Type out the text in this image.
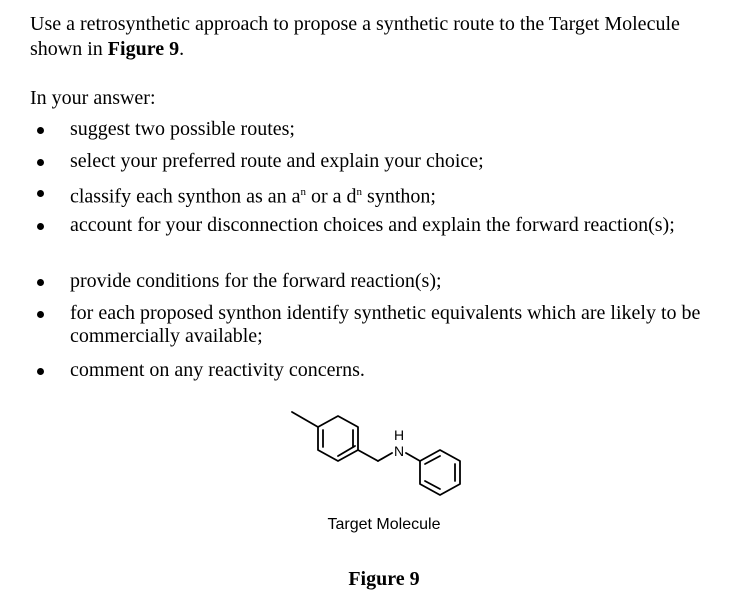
Use a retrosynthetic approach to propose a synthetic route to the Target Molecule shown in Figure 9.

In your answer:

suggest two possible routes;
select your preferred route and explain your choice;
classify each synthon as an $a^n$ or a $d^n$ synthon;
account for your disconnection choices and explain the forward reaction(s);
provide conditions for the forward reaction(s);
for each proposed synthon identify synthetic equivalents which are likely to be commercially available;
comment on any reactivity concerns.
H
N
Target Molecule
Figure 9
